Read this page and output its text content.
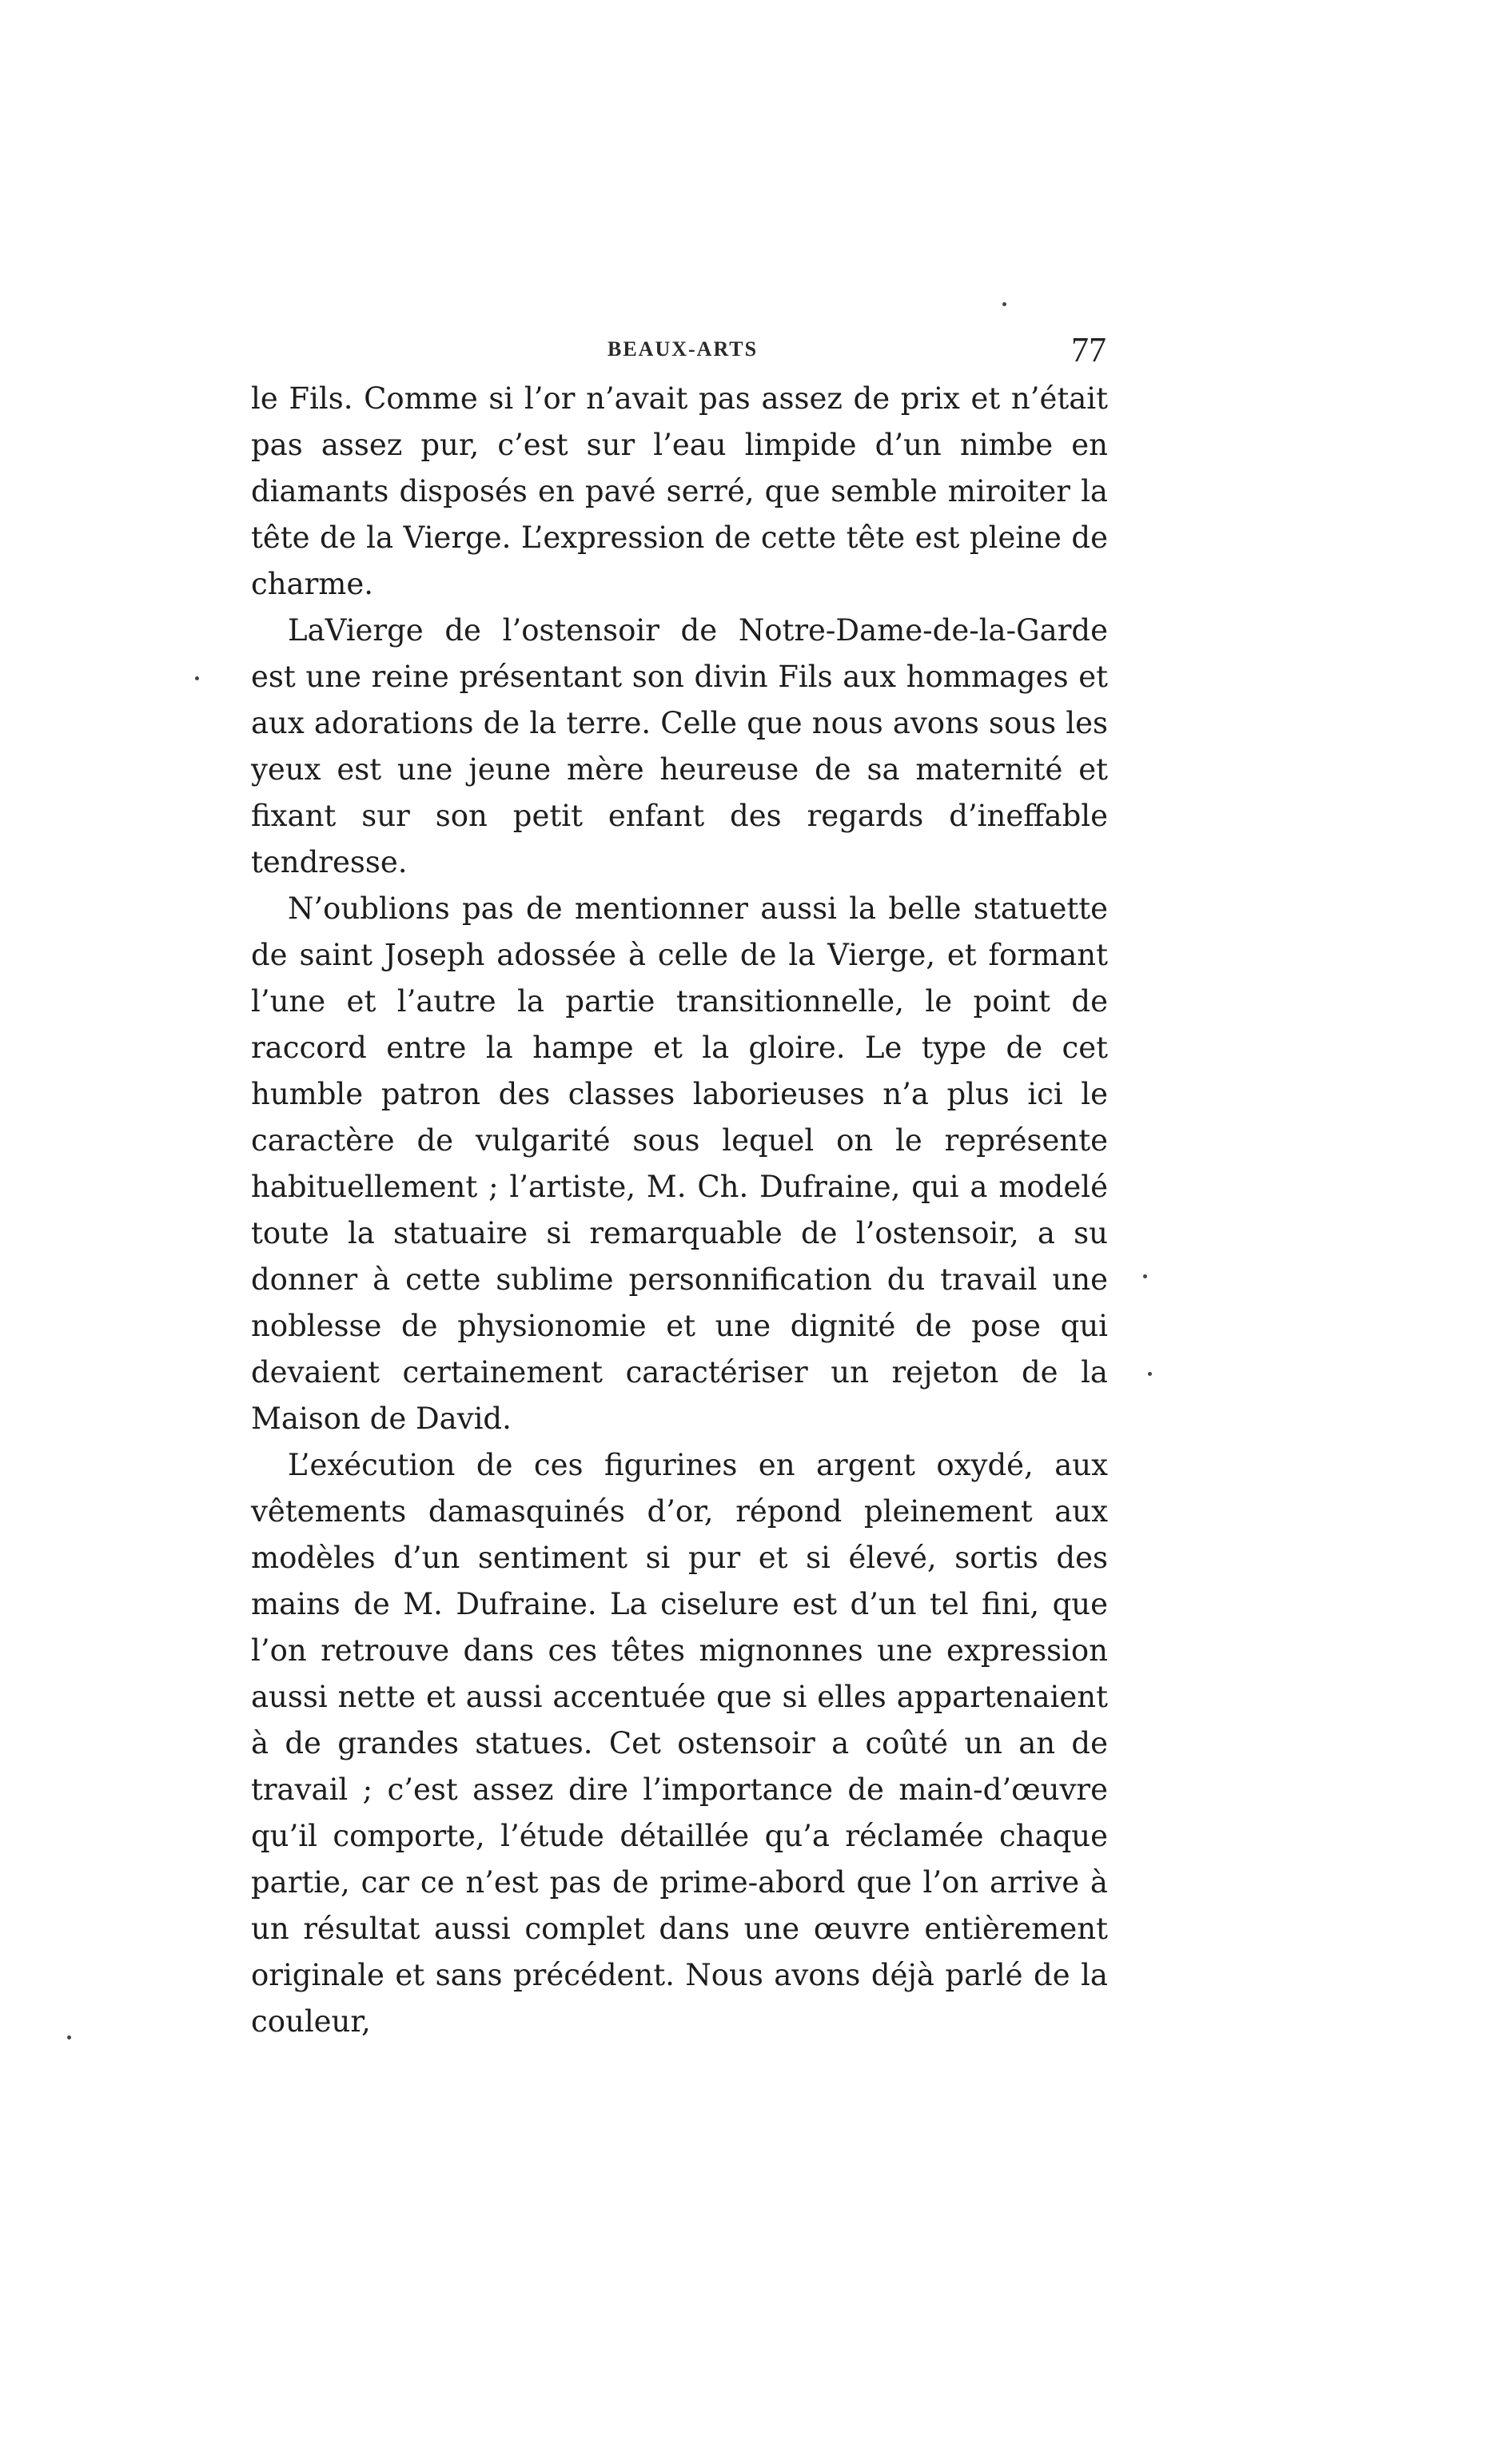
BEAUX-ARTS	77

le Fils. Comme si l’or n’avait pas assez de prix et n’était pas assez pur, c’est sur l’eau limpide d’un nimbe en diamants disposés en pavé serré, que semble miroiter la tête de la Vierge. L’expression de cette tête est pleine de charme.

LaVierge de l’ostensoir de Notre-Dame-de-la-Garde est une reine présentant son divin Fils aux hommages et aux adorations de la terre. Celle que nous avons sous les yeux est une jeune mère heureuse de sa maternité et fixant sur son petit enfant des regards d’ineffable tendresse.

N’oublions pas de mentionner aussi la belle statuette de saint Joseph adossée à celle de la Vierge, et formant l’une et l’autre la partie transitionnelle, le point de raccord entre la hampe et la gloire. Le type de cet humble patron des classes laborieuses n’a plus ici le caractère de vulgarité sous lequel on le représente habituellement ; l’artiste, M. Ch. Dufraine, qui a modelé toute la statuaire si remarquable de l’ostensoir, a su donner à cette sublime personnification du travail une noblesse de physionomie et une dignité de pose qui devaient certainement caractériser un rejeton de la Maison de David.

L’exécution de ces figurines en argent oxydé, aux vêtements damasquinés d’or, répond pleinement aux modèles d’un sentiment si pur et si élevé, sortis des mains de M. Dufraine. La ciselure est d’un tel fini, que l’on retrouve dans ces têtes mignonnes une expression aussi nette et aussi accentuée que si elles appartenaient à de grandes statues. Cet ostensoir a coûté un an de travail ; c’est assez dire l’importance de main-d’œuvre qu’il comporte, l’étude détaillée qu’a réclamée chaque partie, car ce n’est pas de prime-abord que l’on arrive à un résultat aussi complet dans une œuvre entièrement originale et sans précédent. Nous avons déjà parlé de la couleur,
